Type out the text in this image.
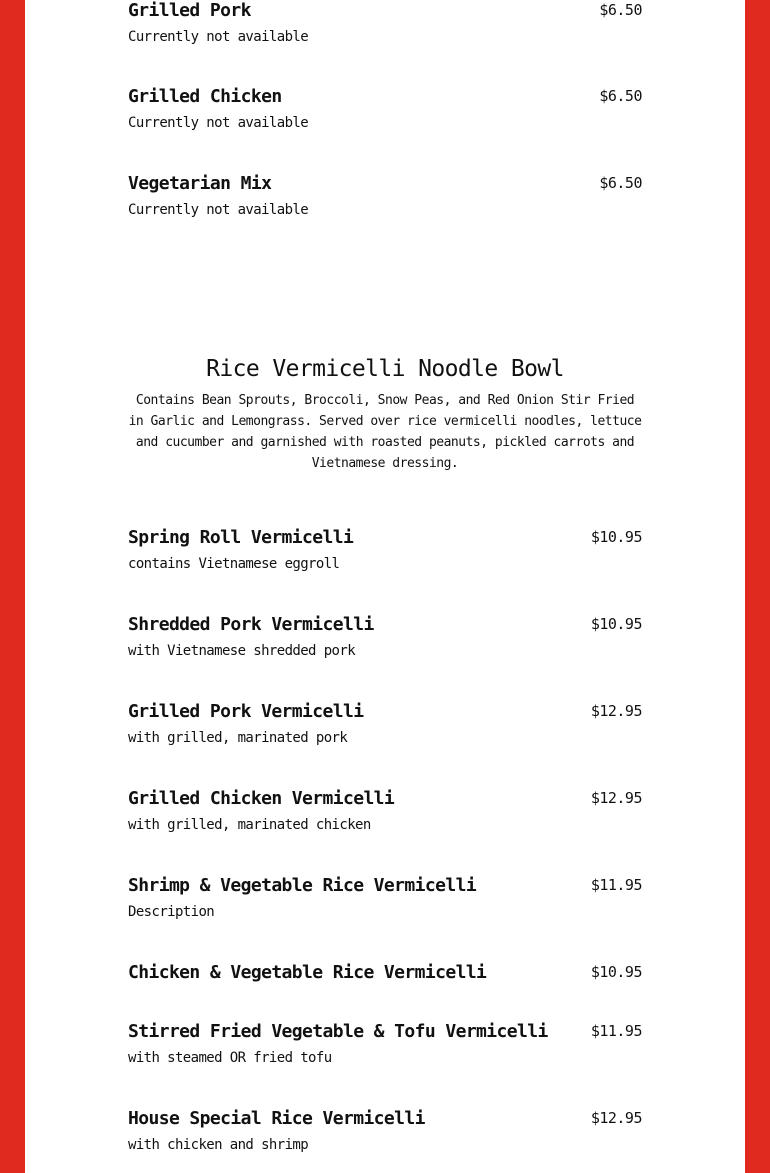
Grilled Pork	$6.50
Currently not available
Grilled Chicken	$6.50
Currently not available
Vegetarian Mix	$6.50
Currently not available
Rice Vermicelli Noodle Bowl
Contains Bean Sprouts, Broccoli, Snow Peas, and Red Onion Stir Fried in Garlic and Lemongrass. Served over rice vermicelli noodles, lettuce and cucumber and garnished with roasted peanuts, pickled carrots and Vietnamese dressing.
Spring Roll Vermicelli	$10.95
contains Vietnamese eggroll
Shredded Pork Vermicelli	$10.95
with Vietnamese shredded pork
Grilled Pork Vermicelli	$12.95
with grilled, marinated pork
Grilled Chicken Vermicelli	$12.95
with grilled, marinated chicken
Shrimp & Vegetable Rice Vermicelli	$11.95
Description
Chicken & Vegetable Rice Vermicelli	$10.95
Stirred Fried Vegetable & Tofu Vermicelli	$11.95
with steamed OR fried tofu
House Special Rice Vermicelli	$12.95
with chicken and shrimp
